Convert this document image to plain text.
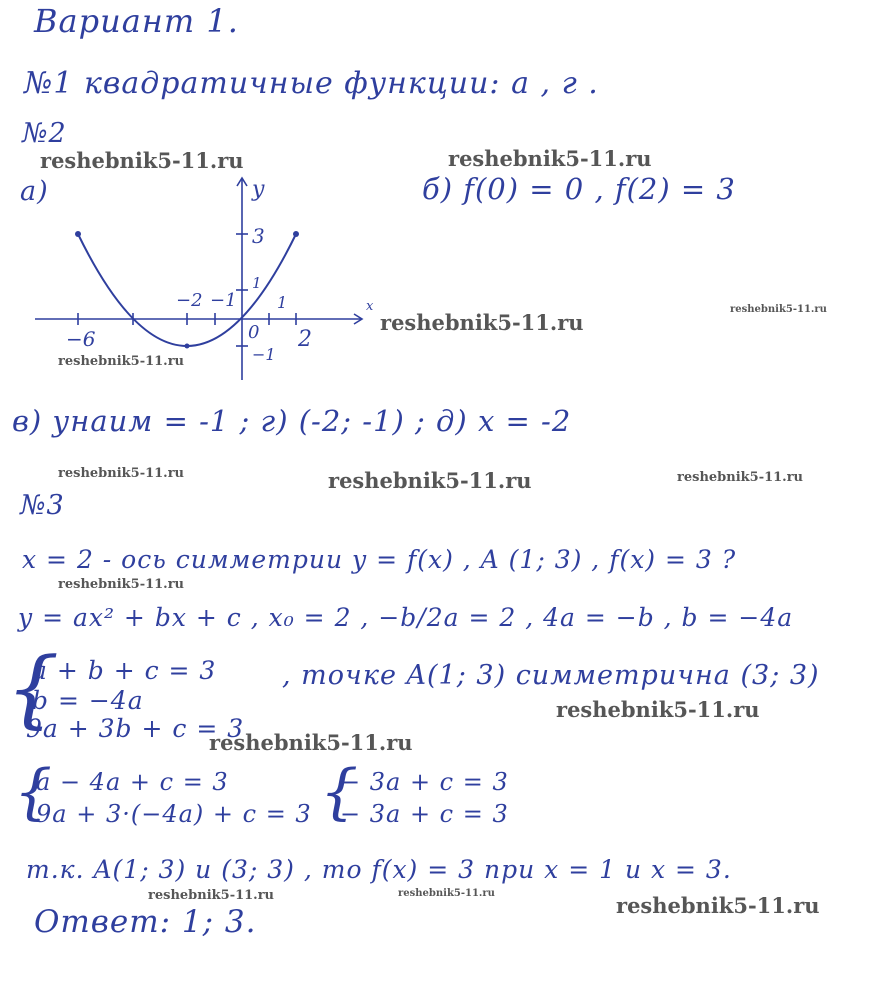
Вариант 1.
№1 квадратичные функции: а , г .
№2
а)	б) f(0) = 0 , f(2) = 3
x
y
−6
−2 −1
0
1
2
3
1
−1
в) унаим = -1 ; г) (-2; -1) ; д) x = -2
№3
x = 2 - ось симметрии y = f(x) , A (1; 3) , f(x) = 3 ?
y = ax² + bx + c , x₀ = 2 , −b/2a = 2 , 4a = −b , b = −4a
{
a + b + c = 3
b = −4a
9a + 3b + c = 3
, точке A(1; 3) симметрична (3; 3)
{
a − 4a + c = 3
9a + 3·(−4a) + c = 3 {
− 3a + c = 3
− 3a + c = 3
т.к. A(1; 3) и (3; 3) , то f(x) = 3 при x = 1 и x = 3.
Ответ: 1; 3.
reshebnik5-11.ru	reshebnik5-11.ru
reshebnik5-11.ru
reshebnik5-11.ru
reshebnik5-11.ru
reshebnik5-11.ru	reshebnik5-11.ru	reshebnik5-11.ru
reshebnik5-11.ru
reshebnik5-11.ru
reshebnik5-11.ru
reshebnik5-11.ru	reshebnik5-11.ru	reshebnik5-11.ru
